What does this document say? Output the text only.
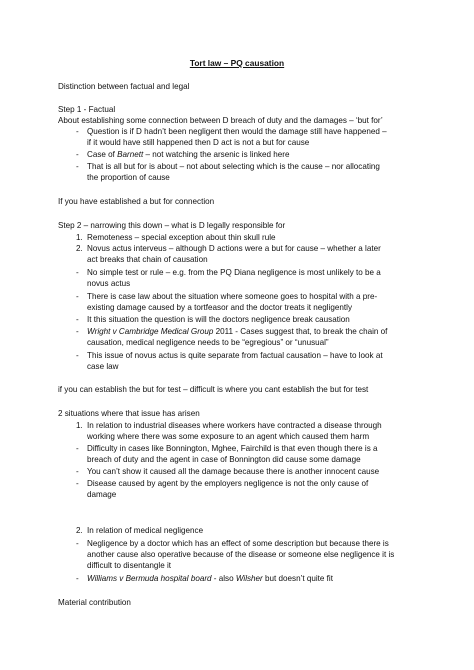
Tort law – PQ causation
Distinction between factual and legal
Step 1 - Factual
About establishing some connection between D breach of duty and the damages – ‘but for’
- Question is if D hadn’t been negligent then would the damage still have happened –
if it would have still happened then D act is not a but for cause
- Case of Barnett – not watching the arsenic is linked here
- That is all but for is about – not about selecting which is the cause – nor allocating
the proportion of cause
If you have established a but for connection
Step 2 – narrowing this down – what is D legally responsible for
1. Remoteness – special exception about thin skull rule
2. Novus actus interveus – although D actions were a but for cause – whether a later
act breaks that chain of causation
- No simple test or rule – e.g. from the PQ Diana negligence is most unlikely to be a
novus actus
- There is case law about the situation where someone goes to hospital with a pre-
existing damage caused by a tortfeasor and the doctor treats it negligently
- It this situation the question is will the doctors negligence break causation
- Wright v Cambridge Medical Group 2011 - Cases suggest that, to break the chain of
causation, medical negligence needs to be “egregious” or “unusual”
- This issue of novus actus is quite separate from factual causation – have to look at
case law
if you can establish the but for test – difficult is where you cant establish the but for test
2 situations where that issue has arisen
1. In relation to industrial diseases where workers have contracted a disease through
working where there was some exposure to an agent which caused them harm
- Difficulty in cases like Bonnington, Mghee, Fairchild is that even though there is a
breach of duty and the agent in case of Bonnington did cause some damage
- You can’t show it caused all the damage because there is another innocent cause
- Disease caused by agent by the employers negligence is not the only cause of
damage
2. In relation of medical negligence
- Negligence by a doctor which has an effect of some description but because there is
another cause also operative because of the disease or someone else negligence it is
difficult to disentangle it
- Williams v Bermuda hospital board - also Wilsher but doesn’t quite fit
Material contribution
